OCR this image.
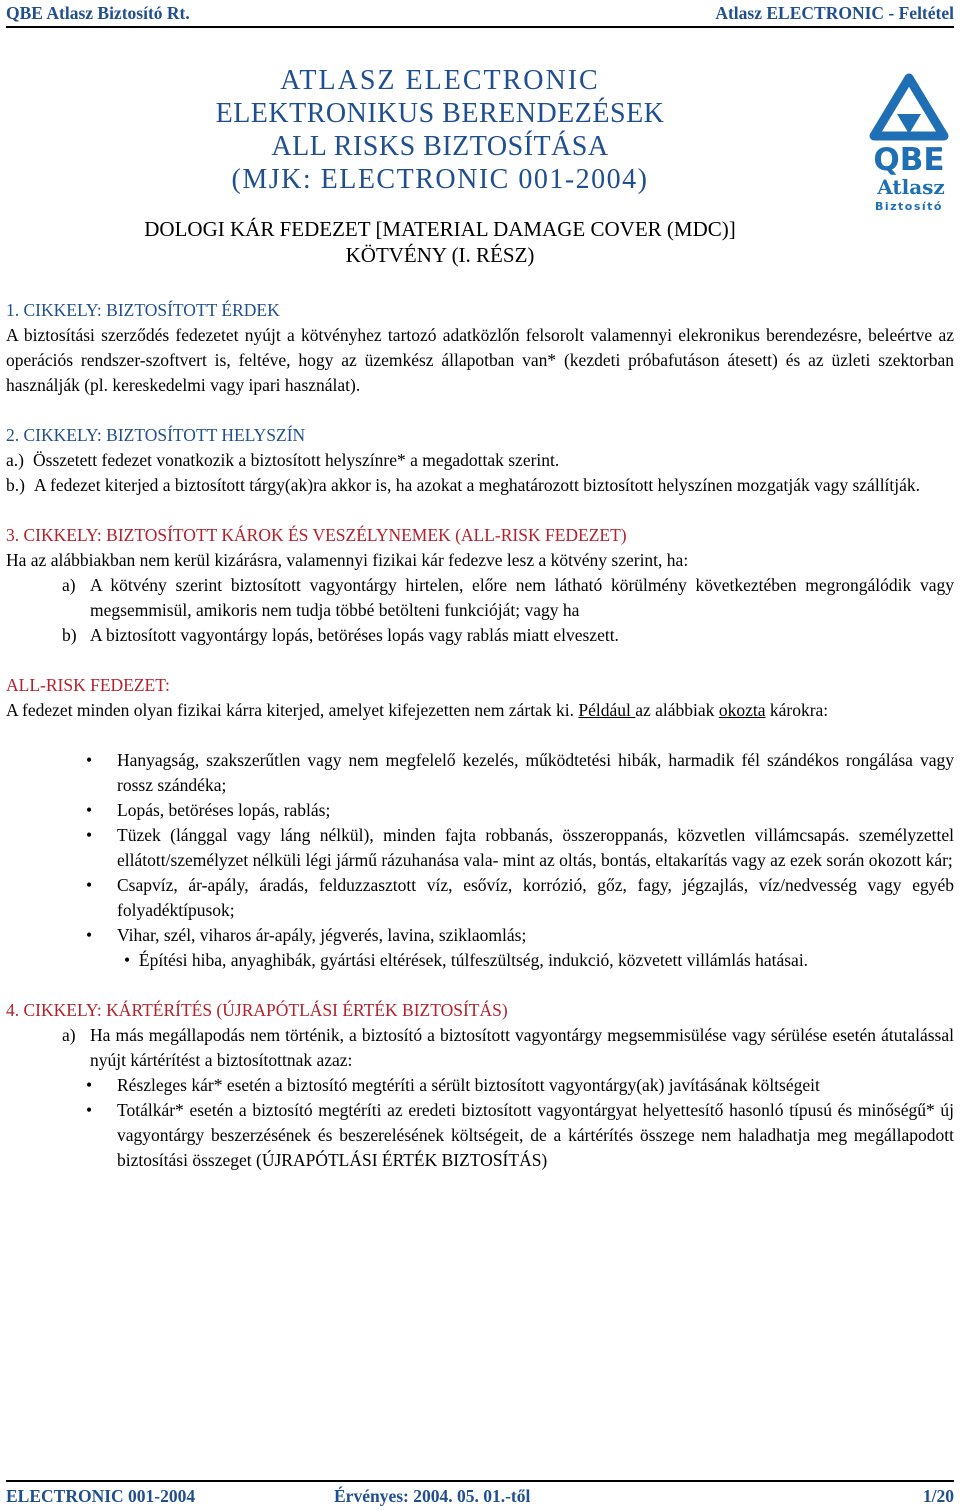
QBE Atlasz Biztosító Rt.	Atlasz ELECTRONIC - Feltétel
ATLASZ ELECTRONIC
ELEKTRONIKUS BERENDEZÉSEK
ALL RISKS BIZTOSÍTÁSA
(MJK: ELECTRONIC 001-2004)
DOLOGI KÁR FEDEZET [MATERIAL DAMAGE COVER (MDC)]
KÖTVÉNY (I. RÉSZ)
QBE
Atlasz
Biztosító

1. CIKKELY: BIZTOSÍTOTT ÉRDEK

A biztosítási szerződés fedezetet nyújt a kötvényhez tartozó adatközlőn felsorolt valamennyi elekronikus berendezésre, beleértve az operációs rendszer-szoftvert is, feltéve, hogy az üzemkész állapotban van* (kezdeti próbafutáson átesett) és az üzleti szektorban használják (pl. kereskedelmi vagy ipari használat).

2. CIKKELY: BIZTOSÍTOTT HELYSZÍN

a.) Összetett fedezet vonatkozik a biztosított helyszínre* a megadottak szerint.
b.) A fedezet kiterjed a biztosított tárgy(ak)ra akkor is, ha azokat a meghatározott biztosított helyszínen mozgatják vagy szállítják.

3. CIKKELY: BIZTOSÍTOTT KÁROK ÉS VESZÉLYNEMEK (ALL-RISK FEDEZET)

Ha az alábbiakban nem kerül kizárásra, valamennyi fizikai kár fedezve lesz a kötvény szerint, ha:

a) A kötvény szerint biztosított vagyontárgy hirtelen, előre nem látható körülmény következtében megrongálódik vagy megsemmisül, amikoris nem tudja többé betölteni funkcióját; vagy ha
b) A biztosított vagyontárgy lopás, betöréses lopás vagy rablás miatt elveszett.

ALL-RISK FEDEZET:

A fedezet minden olyan fizikai kárra kiterjed, amelyet kifejezetten nem zártak ki. Például az alábbiak okozta károkra:

• Hanyagság, szakszerűtlen vagy nem megfelelő kezelés, működtetési hibák, harmadik fél szándékos rongálása vagy rossz szándéka;
• Lopás, betöréses lopás, rablás;
• Tüzek (lánggal vagy láng nélkül), minden fajta robbanás, összeroppanás, közvetlen villámcsapás. személyzettel ellátott/személyzet nélküli légi jármű rázuhanása vala- mint az oltás, bontás, eltakarítás vagy az ezek során okozott kár;
• Csapvíz, ár-apály, áradás, felduzzasztott víz, esővíz, korrózió, gőz, fagy, jégzajlás, víz/nedvesség vagy egyéb folyadéktípusok;
• Vihar, szél, viharos ár-apály, jégverés, lavina, sziklaomlás;

•  Építési hiba, anyaghibák, gyártási eltérések, túlfeszültség, indukció, közvetett villámlás hatásai.

4. CIKKELY: KÁRTÉRÍTÉS (ÚJRAPÓTLÁSI ÉRTÉK BIZTOSÍTÁS)

a) Ha más megállapodás nem történik, a biztosító a biztosított vagyontárgy megsemmisülése vagy sérülése esetén átutalással nyújt kártérítést a biztosítottnak azaz:
• Részleges kár* esetén a biztosító megtéríti a sérült biztosított vagyontárgy(ak) javításának költségeit
• Totálkár* esetén a biztosító megtéríti az eredeti biztosított vagyontárgyat helyettesítő hasonló típusú és minőségű* új vagyontárgy beszerzésének és beszerelésének költségeit, de a kártérítés összege nem haladhatja meg megállapodott biztosítási összeget (ÚJRAPÓTLÁSI ÉRTÉK BIZTOSÍTÁS)
ELECTRONIC 001-2004	Érvényes: 2004. 05. 01.-től	1/20
